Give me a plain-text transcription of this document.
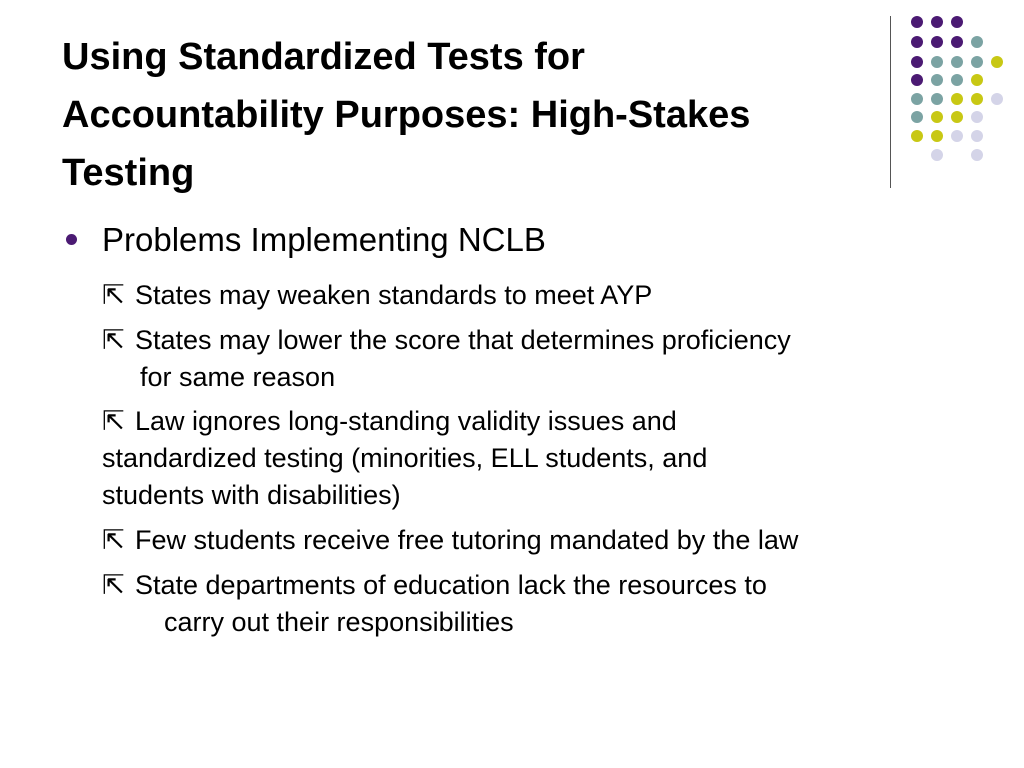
Using Standardized Tests for
Accountability Purposes: High-Stakes
Testing
Problems Implementing NCLB
⇱ States may weaken standards to meet AYP
⇱ States may lower the score that determines proficiency
for same reason
⇱ Law ignores long-standing validity issues and
standardized testing (minorities, ELL students, and
students with disabilities)
⇱ Few students receive free tutoring mandated by the law
⇱ State departments of education lack the resources to
carry out their responsibilities
